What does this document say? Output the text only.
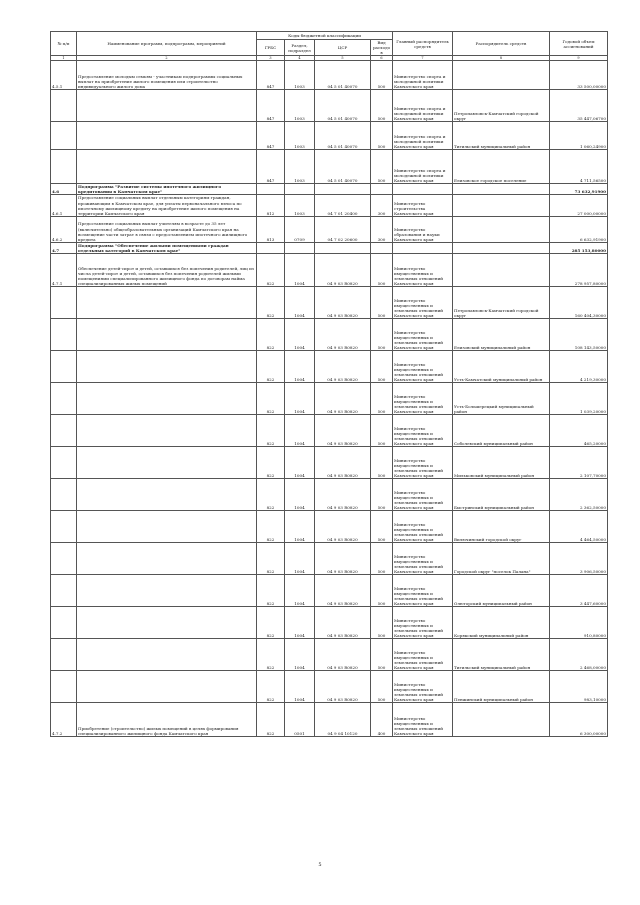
№ п/п	Наименование программ, подпрограмм, мероприятий	Коды бюджетной классификации				Главный распорядитель средств	Распорядитель средств	Годовой объем ассигнований
		ГРБС	Раздел, подраздел	ЦСР	Вид расходов			
1	2	3	4	5	6	7	8	9
4.5.1	Предоставление молодым семьям - участникам подпрограммы социальных выплат на приобретение жилого помещения или строительство индивидуального жилого дома	847	1003	04 5 01 40070	500	Министерство спорта и молодежной политики Камчатского края		33 500,00000
		847	1003	04 5 01 40070	500	Министерство спорта и молодежной политики Камчатского края	Петропавловск-Камчатский городской округ	35 447,06700
		847	1003	04 5 01 40070	500	Министерство спорта и молодежной политики Камчатского края	Тигильский муниципальный район	1 060,24900
		847	1003	04 5 01 40070	500	Министерство спорта и молодежной политики Камчатского края	Елизовское городское поселение	4 711,56500
4.6	Подпрограмма "Развитие системы ипотечного жилищного кредитования в Камчатском крае"							73 632,91900
4.6.1	Предоставление социальных выплат отдельным категориям граждан, проживающим в Камчатском крае, для уплаты первоначального взноса по ипотечному жилищному кредиту на приобретение жилого помещения на территории Камчатского края	812	1003	04 7 01 20400	300	Министерство строительства Камчатского края		27 000,00000
4.6.2	Предоставление социальных выплат учителям в возрасте до 35 лет (включительно) общеобразовательных организаций Камчатского края на возмещение части затрат в связи с предоставлением ипотечного жилищного кредита	813	0709	04 7 02 20600	300	Министерство образования и науки Камчатского края		6 632,91900
4.7	Подпрограмма "Обеспечение жилыми помещениями граждан отдельных категорий в Камчатском крае"							285 153,80000
4.7.1	Обеспечение детей-сирот и детей, оставшихся без попечения родителей, лиц из числа детей-сирот и детей, оставшихся без попечения родителей жилыми помещениями специализированного жилищного фонда по договорам найма специализированных жилых помещений	822	1004	04 9 03 R0820	500	Министерство имущественных и земельных отношений Камчатского края		278 957,80000
		822	1004	04 9 03 R0820	500	Министерство имущественных и земельных отношений Камчатского края	Петропавловск-Камчатский городской округ	160 404,30000
		822	1004	04 9 03 R0820	500	Министерство имущественных и земельных отношений Камчатского края	Елизовский муниципальный район	108 143,50000
		822	1004	04 9 03 R0820	500	Министерство имущественных и земельных отношений Камчатского края	Усть-Камчатский муниципальный район	4 219,30000
		822	1004	04 9 03 R0820	500	Министерство имущественных и земельных отношений Камчатского края	Усть-Большерецкий муниципальный район	1 039,20000
		822	1004	04 9 03 R0820	500	Министерство имущественных и земельных отношений Камчатского края	Соболевский муниципальный район	465,20000
		822	1004	04 9 03 R0820	500	Министерство имущественных и земельных отношений Камчатского края	Мильковский муниципальный район	2 107,70000
		822	1004	04 9 03 R0820	500	Министерство имущественных и земельных отношений Камчатского края	Быстринский муниципальный район	2 362,50000
		822	1004	04 9 03 R0820	500	Министерство имущественных и земельных отношений Камчатского края	Вилючинский городской округ	4 464,50000
		822	1004	04 9 03 R0820	500	Министерство имущественных и земельных отношений Камчатского края	Городской округ "поселок Палана"	3 906,50000
		822	1004	04 9 03 R0820	500	Министерство имущественных и земельных отношений Камчатского края	Олюторский муниципальный район	3 447,60000
		822	1004	04 9 03 R0820	500	Министерство имущественных и земельных отношений Камчатского края	Корякский муниципальный район	910,80000
		822	1004	04 9 03 R0820	500	Министерство имущественных и земельных отношений Камчатского края	Тигильский муниципальный район	2 468,00000
		822	1004	04 9 03 R0820	500	Министерство имущественных и земельных отношений Камчатского края	Пенжинский муниципальный район	983,10000
4.7.2	Приобретение (строительство) жилых помещений в целях формирования специализированного жилищного фонда Камчатского края	822	0501	04 9 04 10120	400	Министерство имущественных и земельных отношений Камчатского края		6 300,00000
5
